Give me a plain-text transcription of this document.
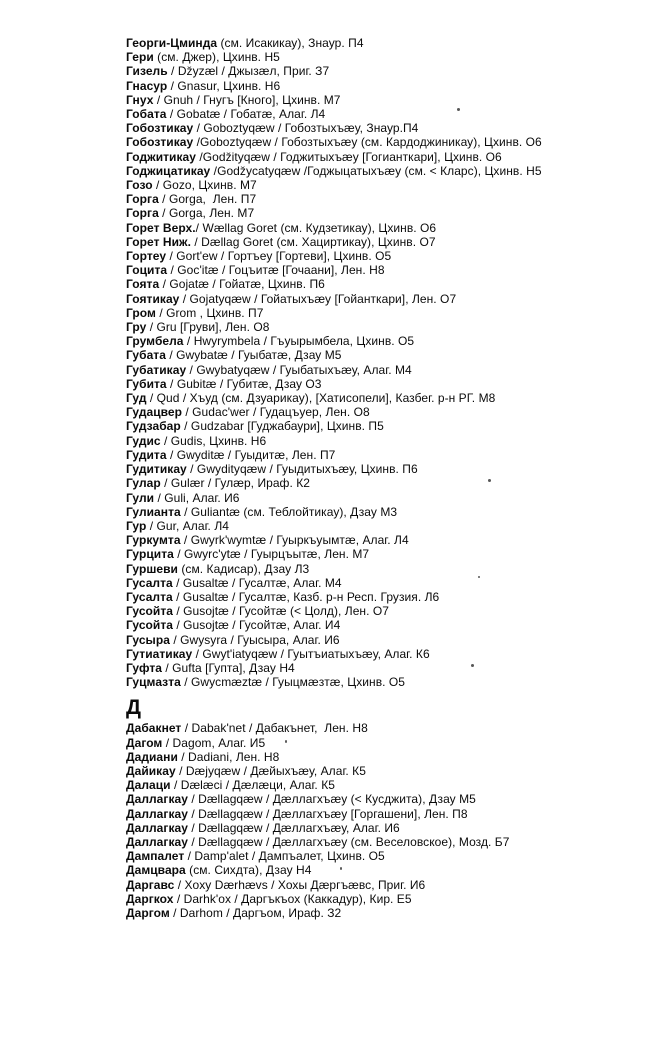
Георги-Цминда (см. Исакикау), Знаур. П4
Гери (см. Джер), Цхинв. Н5
Гизель / Džyzæl / Джызæл, Приг. З7
Гнасур / Gnasur, Цхинв. Н6
Гнух / Gnuh / Гнугъ [Кного], Цхинв. М7
Гобата / Gobatæ / Гобатæ, Алаг. Л4
Гобозтикау / Goboztyqæw / Гобозтыхъæу, Знаур.П4
Гобозтикау /Goboztyqæw / Гобозтыхъæу (см. Кардоджиникау), Цхинв. О6
Годжитикау /Godžityqæw / Годжитыхъæу [Гогианткари], Цхинв. О6
Годжицатикау /Godžycatyqæw /Годжыцатыхъæу (см. < Кларс), Цхинв. Н5
Гозо / Gozo, Цхинв. М7
Горга / Gorga,  Лен. П7
Горга / Gorga, Лен. М7
Горет Верх./ Wællag Goret (см. Кудзетикау), Цхинв. О6
Горет Ниж. / Dællag Goret (см. Хациртикау), Цхинв. О7
Гортеу / Gort'ew / Гортъеу [Гортеви], Цхинв. О5
Гоцита / Goc'itæ / Гоцъитæ [Гочаани], Лен. Н8
Гоята / Gojatæ / Гойатæ, Цхинв. П6
Гоятикау / Gojatyqæw / Гойатыхъæу [Гойанткари], Лен. О7
Гром / Grom , Цхинв. П7
Гру / Gru [Груви], Лен. О8
Грумбела / Hwyrymbela / Гъуырымбела, Цхинв. О5
Губата / Gwybatæ / Гуыбатæ, Дзау М5
Губатикау / Gwybatyqæw / Гуыбатыхъæу, Алаг. М4
Губита / Gubitæ / Губитæ, Дзау О3
Гуд / Qud / Хъуд (см. Дзуарикау), [Хатисопели], Казбег. р-н РГ. М8
Гудацвер / Gudac'wer / Гудацъуер, Лен. О8
Гудзабар / Gudzabar [Гуджабаури], Цхинв. П5
Гудис / Gudis, Цхинв. Н6
Гудита / Gwyditæ / Гуыдитæ, Лен. П7
Гудитикау / Gwydityqæw / Гуыдитыхъæу, Цхинв. П6
Гулар / Gulær / Гулæр, Ираф. К2
Гули / Guli, Алаг. И6
Гулианта / Guliantæ (см. Теблойтикау), Дзау М3
Гур / Gur, Алаг. Л4
Гуркумта / Gwyrk'wymtæ / Гуыркъуымтæ, Алаг. Л4
Гурцита / Gwyrc'ytæ / Гуырцъытæ, Лен. М7
Гуршеви (см. Кадисар), Дзау Л3
Гусалта / Gusaltæ / Гусалтæ, Алаг. М4
Гусалта / Gusaltæ / Гусалтæ, Казб. р-н Респ. Грузия. Л6
Гусойта / Gusojtæ / Гусойтæ (< Цолд), Лен. О7
Гусойта / Gusojtæ / Гусойтæ, Алаг. И4
Гусыра / Gwysyra / Гуысыра, Алаг. И6
Гутиатикау / Gwyt'iatyqæw / Гуытъиатыхъæу, Алаг. К6
Гуфта / Gufta [Гупта], Дзау Н4
Гуцмазта / Gwycmæztæ / Гуыцмæзтæ, Цхинв. О5
Д
Дабакнет / Dabak'net / Дабакънет,  Лен. Н8
Дагом / Dagom, Алаг. И5
Дадиани / Dadiani, Лен. Н8
Дайикау / Dæjyqæw / Дæйыхъæу, Алаг. К5
Далаци / Dælæci / Дæлæци, Алаг. К5
Даллагкау / Dællagqæw / Дæллагхъæу (< Кусджита), Дзау М5
Даллагкау / Dællagqæw / Дæллагхъæу [Горгашени], Лен. П8
Даллагкау / Dællagqæw / Дæллагхъæу, Алаг. И6
Даллагкау / Dællagqæw / Дæллагхъæу (см. Веселовское), Мозд. Б7
Дампалет / Damp'alet / Дампъалет, Цхинв. О5
Дамцвара (см. Сихдта), Дзау Н4
Даргавс / Xoxy Dærhævs / Хохы Дæргъæвс, Приг. И6
Даргкох / Darhk'ox / Даргъкъох (Каккадур), Кир. Е5
Даргом / Darhom / Даргъом, Ираф. З2
